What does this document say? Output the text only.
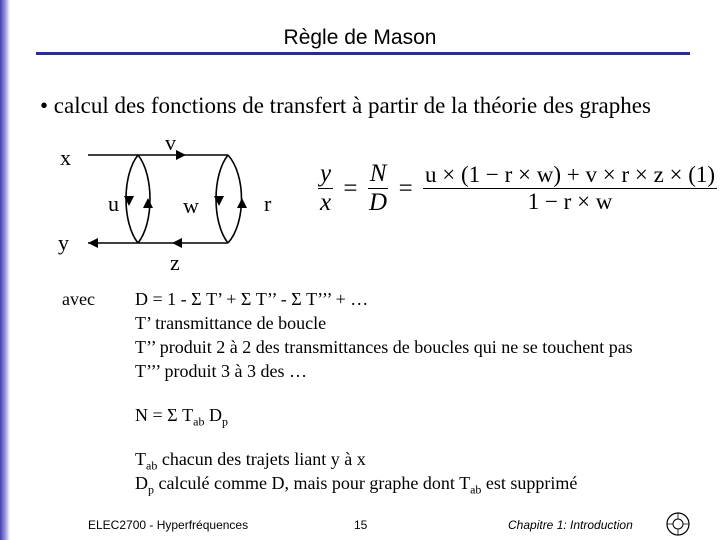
Règle de Mason
• calcul des fonctions de transfert à partir de la théorie des graphes
x
y
v
u	w	r
z
$\frac{y}{x} = \frac{N}{D} = \frac{u \times (1 - r \times w) + v \times r \times z \times (1)}{1 - r \times w}$
avec D = 1 - Σ T’ + Σ T’’ - Σ T’’’ + …
T’ transmittance de boucle
T’’ produit 2 à 2 des transmittances de boucles qui ne se touchent pas
T’’’ produit 3 à 3 des …
N = Σ $T_{ab}$ $D_p$
$T_{ab}$ chacun des trajets liant y à x
$D_p$ calculé comme D, mais pour graphe dont $T_{ab}$ est supprimé
ELEC2700 - Hyperfréquences	15	Chapitre 1: Introduction
